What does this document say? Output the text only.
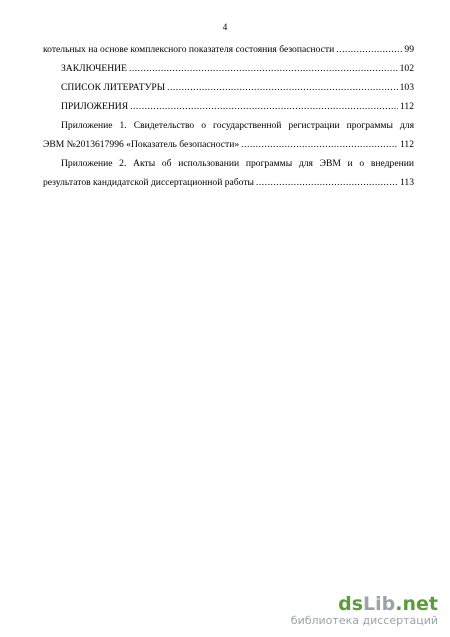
4
котельных на основе комплексного показателя состояния безопасности .....	99
ЗАКЛЮЧЕНИЕ .....	102
СПИСОК ЛИТЕРАТУРЫ .....	103
ПРИЛОЖЕНИЯ .....	112
Приложение 1. Свидетельство о государственной регистрации программы для
ЭВМ №2013617996 «Показатель безопасности» .....	112
Приложение 2. Акты об использовании программы для ЭВМ и о внедрении
результатов кандидатской диссертационной работы .....	113
dsLib.net
библиотека диссертаций
